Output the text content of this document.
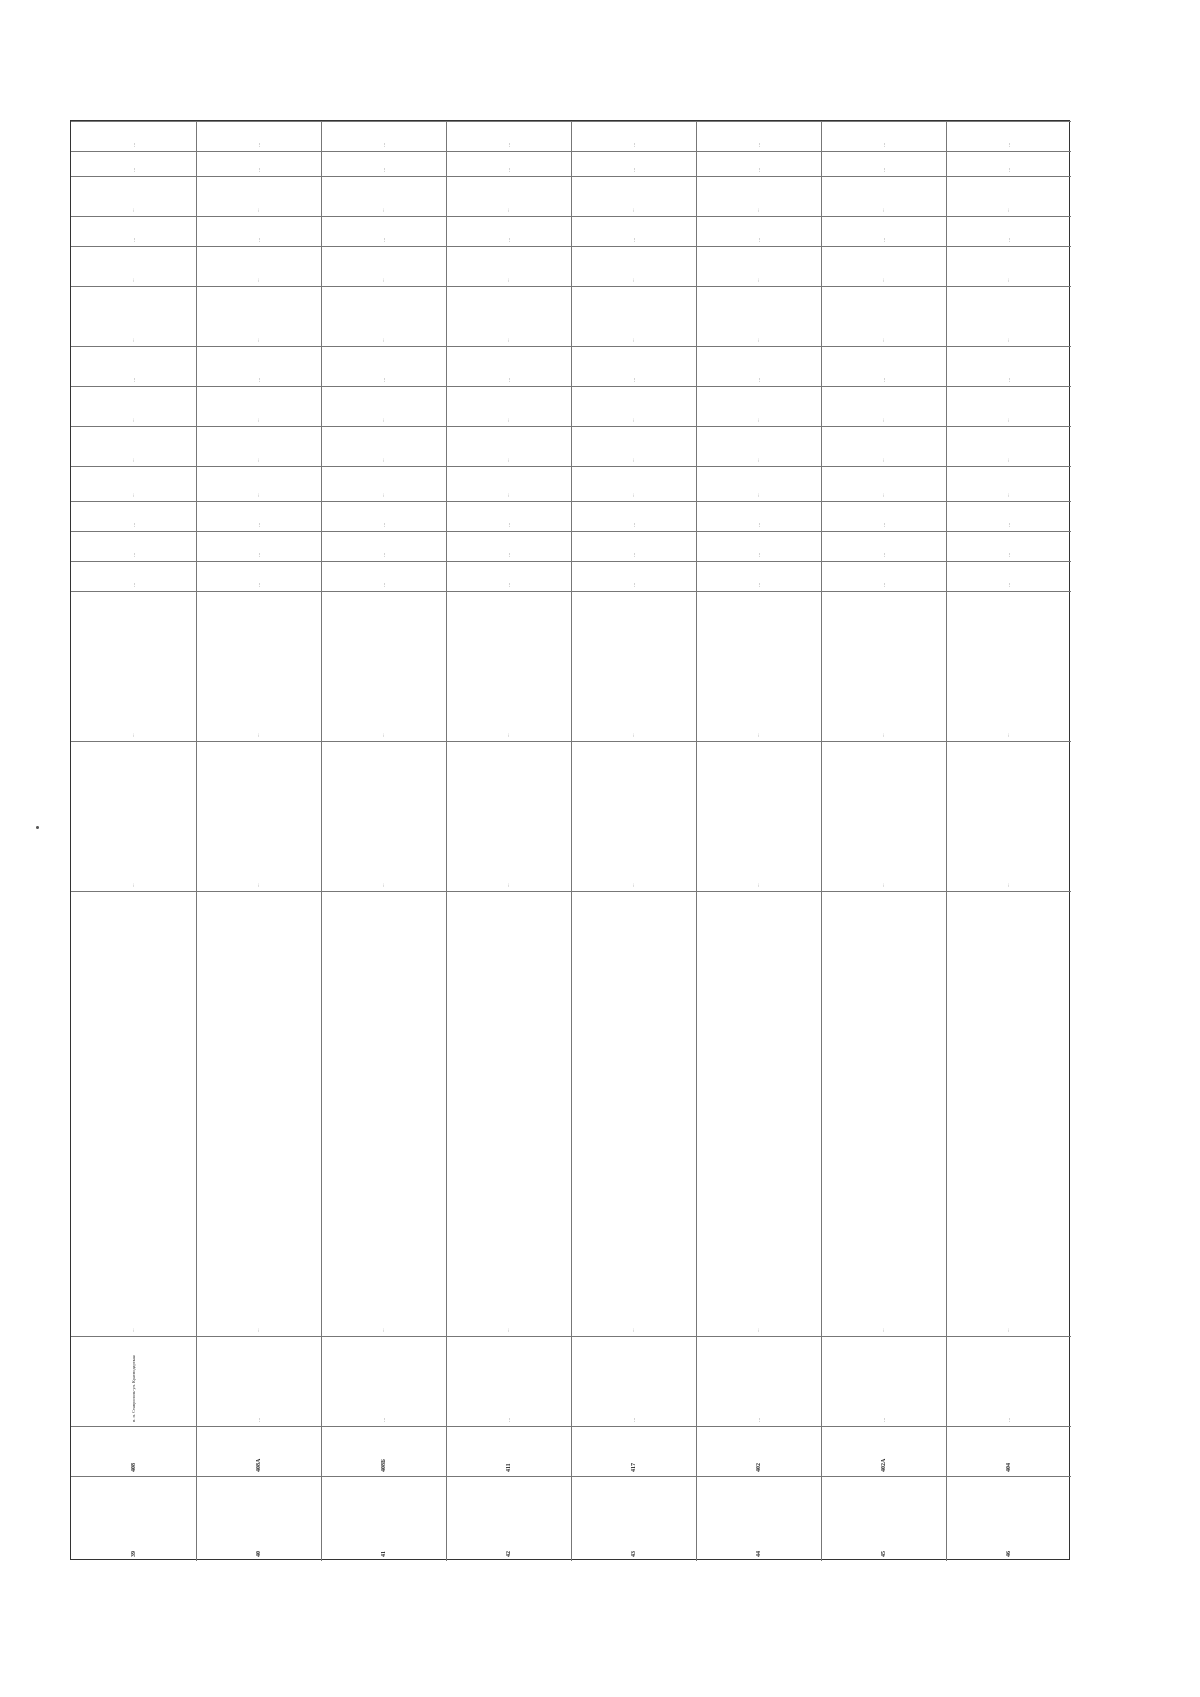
39
408
п. п. Ставрополь-ул. Краснодарская
…
…
…
…
…
…
…
…
…
…
…
…
…
…
…
…
40
408A
…
…
…
…
…
…
…
…
…
…
…
…
…
…
…
…
…
41
408Б
…
…
…
…
…
…
…
…
…
…
…
…
…
…
…
…
…
42
411
…
…
…
…
…
…
…
…
…
…
…
…
…
…
…
…
…
43
417
…
…
…
…
…
…
…
…
…
…
…
…
…
…
…
…
…
44
402
…
…
…
…
…
…
…
…
…
…
…
…
…
…
…
…
…
45
402A
…
…
…
…
…
…
…
…
…
…
…
…
…
…
…
…
…
46
404
…
…
…
…
…
…
…
…
…
…
…
…
…
…
…
…
…
